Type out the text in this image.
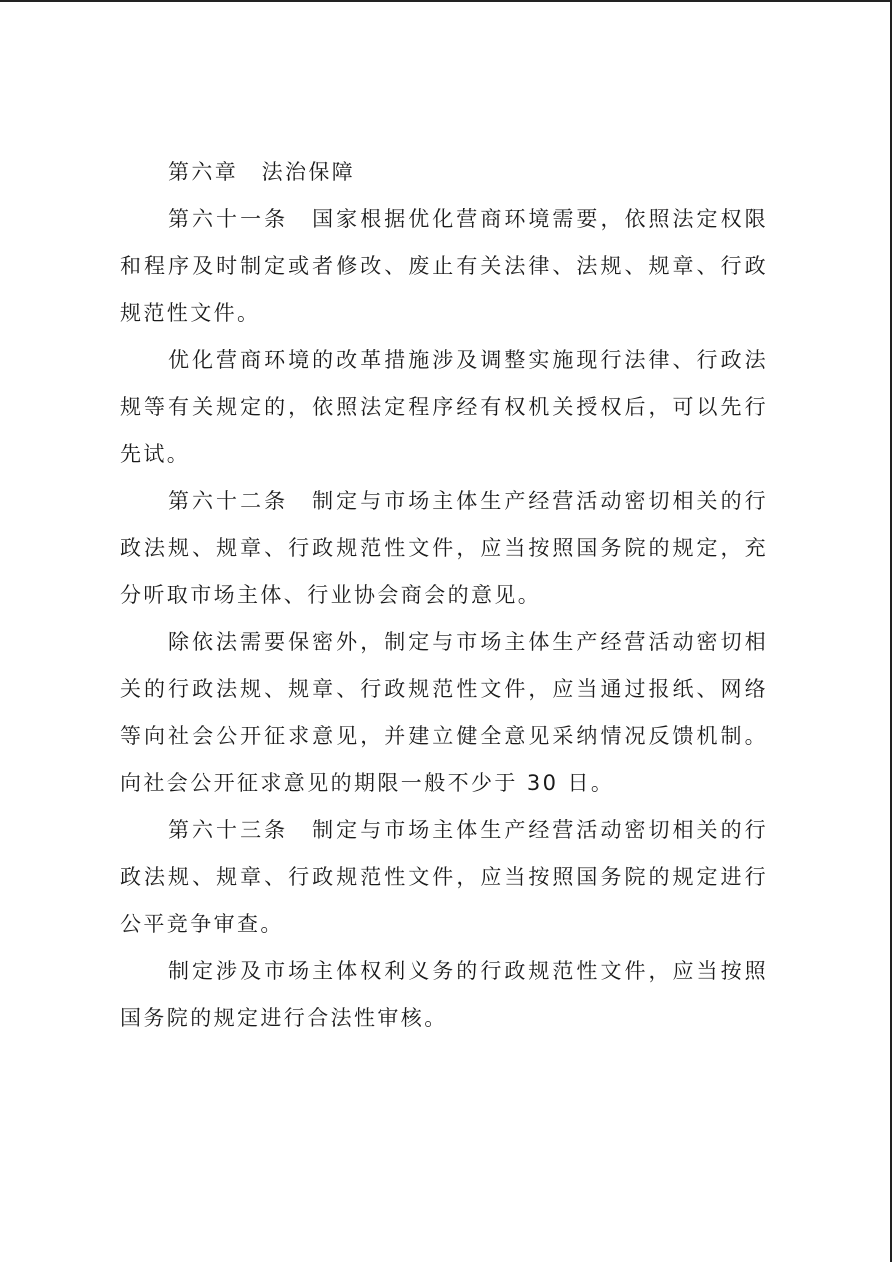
第六章　法治保障

第六十一条　 国家根据优化营商环境需要，依照法定权限和程序及时制定或者修改、废止有关法律、法规、规章、行政规范性文件。

优化营商环境的改革措施涉及调整实施现行法律、行政法规等有关规定的，依照法定程序经有权机关授权后，可以先行先试。

第六十二条　 制定与市场主体生产经营活动密切相关的行政法规、规章、行政规范性文件，应当按照国务院的规定，充分听取市场主体、行业协会商会的意见。

除依法需要保密外，制定与市场主体生产经营活动密切相关的行政法规、规章、行政规范性文件，应当通过报纸、网络等向社会公开征求意见，并建立健全意见采纳情况反馈机制。向社会公开征求意见的期限一般不少于 30 日。

第六十三条　 制定与市场主体生产经营活动密切相关的行政法规、规章、行政规范性文件，应当按照国务院的规定进行公平竞争审查。

制定涉及市场主体权利义务的行政规范性文件，应当按照国务院的规定进行合法性审核。
